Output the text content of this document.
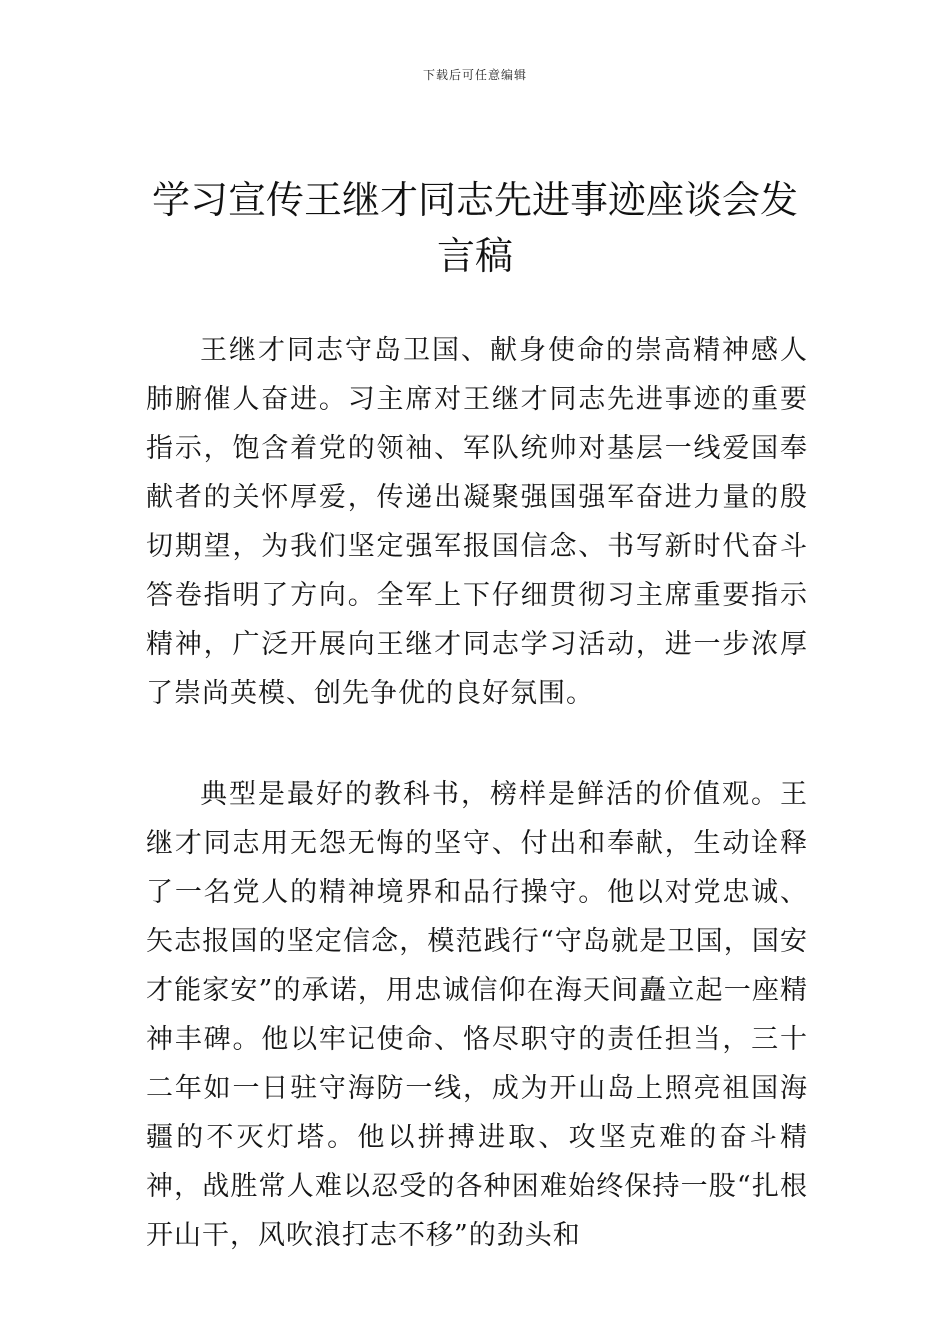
下载后可任意编辑
学习宣传王继才同志先进事迹座谈会发言稿

王继才同志守岛卫国、献身使命的崇高精神感人肺腑催人奋进。习主席对王继才同志先进事迹的重要指示，饱含着党的领袖、军队统帅对基层一线爱国奉献者的关怀厚爱，传递出凝聚强国强军奋进力量的殷切期望，为我们坚定强军报国信念、书写新时代奋斗答卷指明了方向。全军上下仔细贯彻习主席重要指示精神，广泛开展向王继才同志学习活动，进一步浓厚了崇尚英模、创先争优的良好氛围。

典型是最好的教科书，榜样是鲜活的价值观。王继才同志用无怨无悔的坚守、付出和奉献，生动诠释了一名党人的精神境界和品行操守。他以对党忠诚、矢志报国的坚定信念，模范践行“守岛就是卫国，国安才能家安”的承诺，用忠诚信仰在海天间矗立起一座精神丰碑。他以牢记使命、恪尽职守的责任担当，三十二年如一日驻守海防一线，成为开山岛上照亮祖国海疆的不灭灯塔。他以拼搏进取、攻坚克难的奋斗精神，战胜常人难以忍受的各种困难始终保持一股“扎根开山干，风吹浪打志不移”的劲头和
